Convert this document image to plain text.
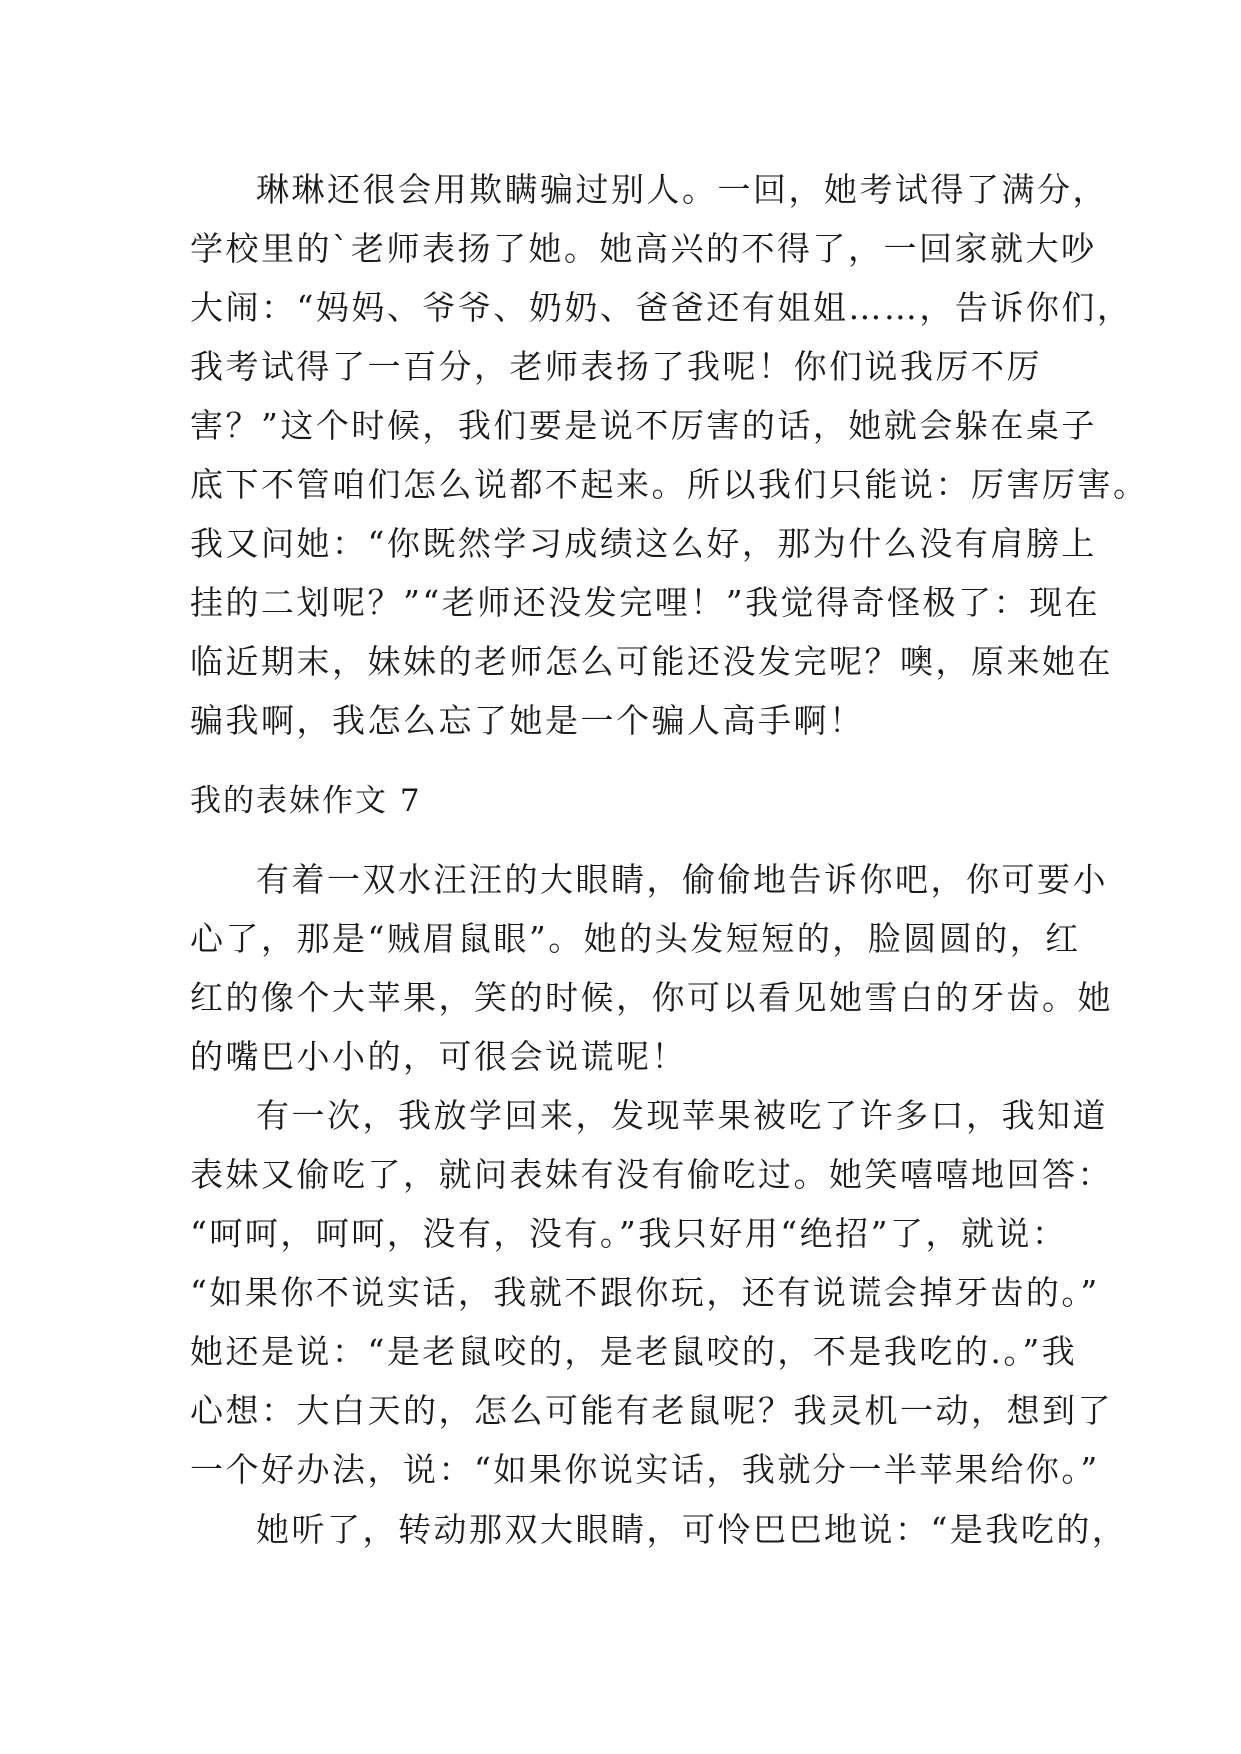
琳琳还很会用欺瞒骗过别人。一回，她考试得了满分，
学校里的`老师表扬了她。她高兴的不得了，一回家就大吵
大闹：“妈妈、爷爷、奶奶、爸爸还有姐姐……，告诉你们，
我考试得了一百分，老师表扬了我呢！你们说我厉不厉
害？”这个时候，我们要是说不厉害的话，她就会躲在桌子
底下不管咱们怎么说都不起来。所以我们只能说：厉害厉害。
我又问她：“你既然学习成绩这么好，那为什么没有肩膀上
挂的二划呢？”“老师还没发完哩！”我觉得奇怪极了：现在
临近期末，妹妹的老师怎么可能还没发完呢？噢，原来她在
骗我啊，我怎么忘了她是一个骗人高手啊！
我的表妹作文 7
有着一双水汪汪的大眼睛，偷偷地告诉你吧，你可要小
心了，那是“贼眉鼠眼”。她的头发短短的，脸圆圆的，红
红的像个大苹果，笑的时候，你可以看见她雪白的牙齿。她
的嘴巴小小的，可很会说谎呢！
有一次，我放学回来，发现苹果被吃了许多口，我知道
表妹又偷吃了，就问表妹有没有偷吃过。她笑嘻嘻地回答：
“呵呵，呵呵，没有，没有。”我只好用“绝招”了，就说：
“如果你不说实话，我就不跟你玩，还有说谎会掉牙齿的。”
她还是说：“是老鼠咬的，是老鼠咬的，不是我吃的.。”我
心想：大白天的，怎么可能有老鼠呢？我灵机一动，想到了
一个好办法，说：“如果你说实话，我就分一半苹果给你。”
她听了，转动那双大眼睛，可怜巴巴地说：“是我吃的，
